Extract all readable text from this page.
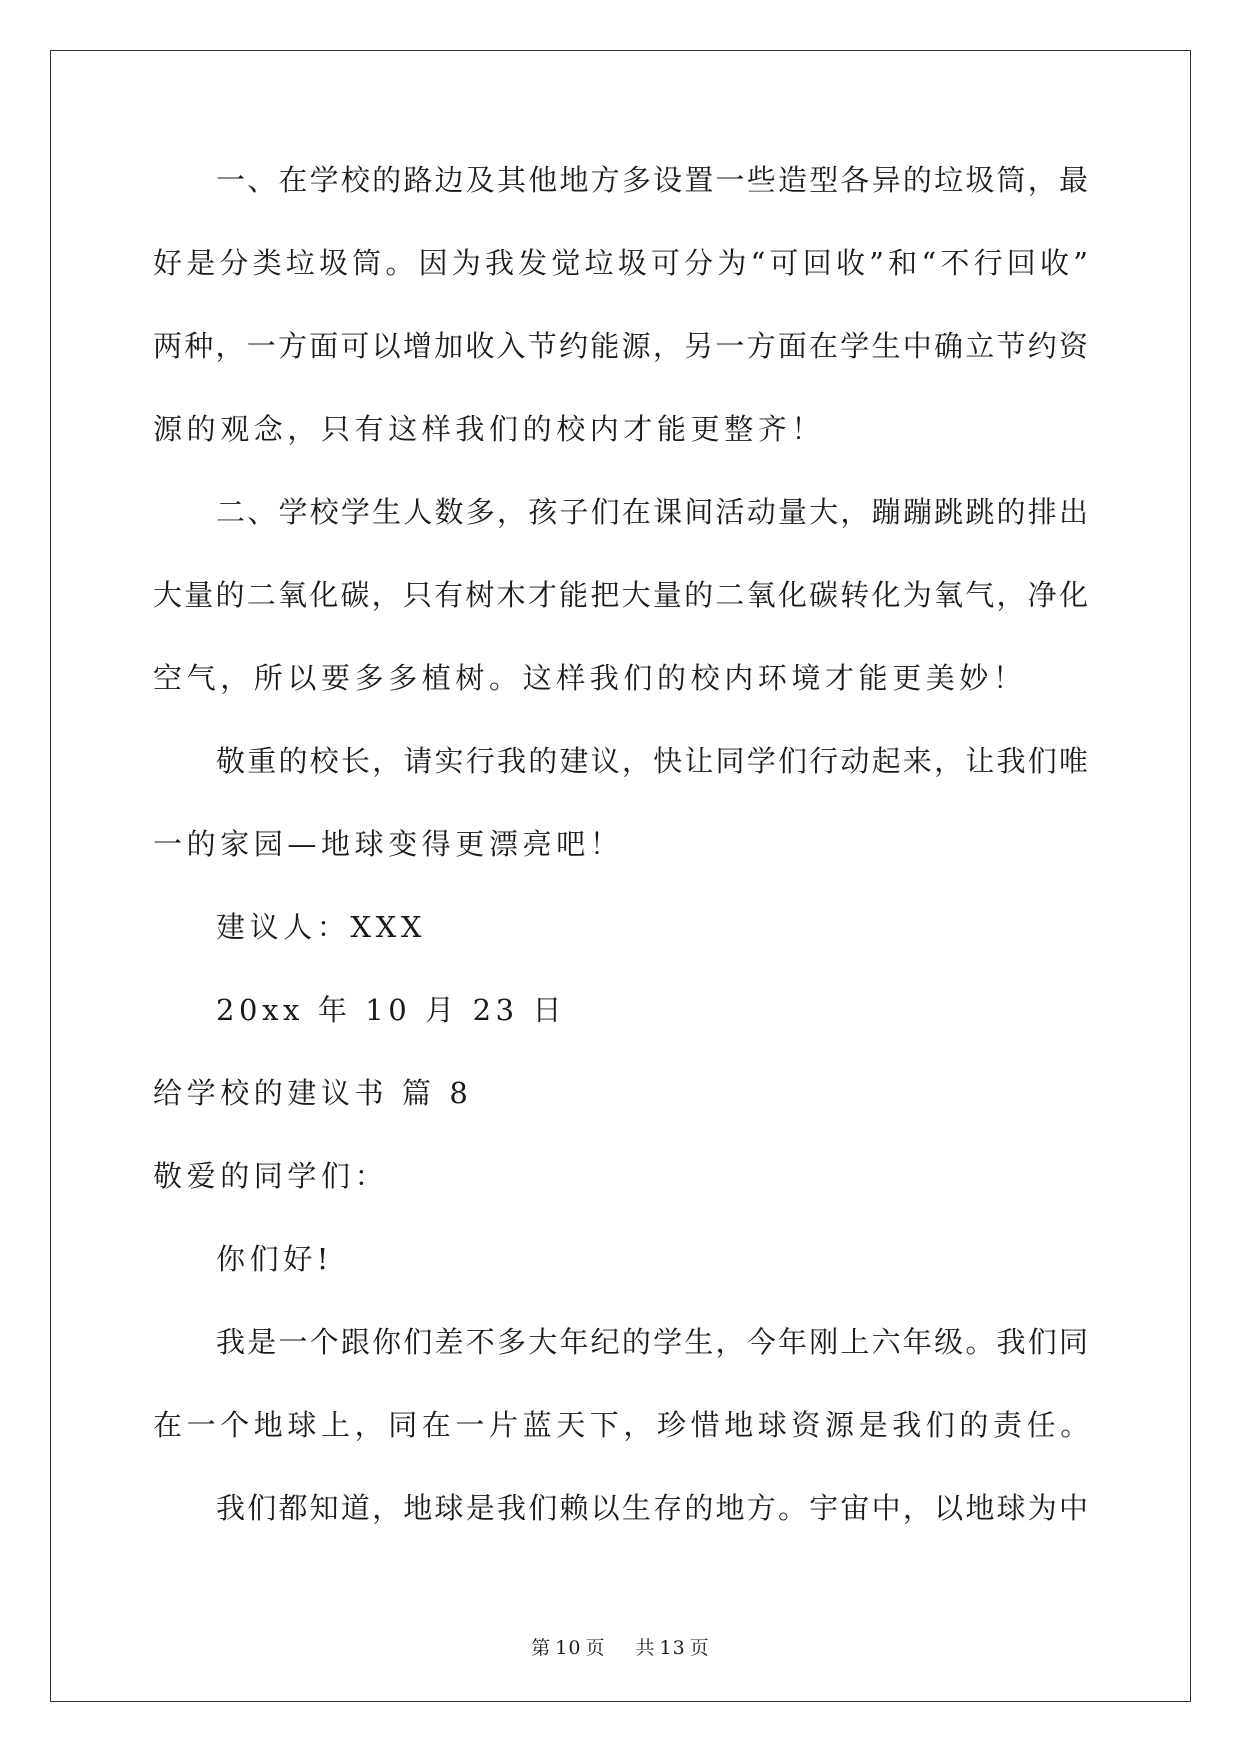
一、在学校的路边及其他地方多设置一些造型各异的垃圾筒，最
好是分类垃圾筒。因为我发觉垃圾可分为“可回收”和“不行回收”
两种，一方面可以增加收入节约能源，另一方面在学生中确立节约资
源的观念，只有这样我们的校内才能更整齐！
二、学校学生人数多，孩子们在课间活动量大，蹦蹦跳跳的排出
大量的二氧化碳，只有树木才能把大量的二氧化碳转化为氧气，净化
空气，所以要多多植树。这样我们的校内环境才能更美妙！
敬重的校长，请实行我的建议，快让同学们行动起来，让我们唯
一的家园—地球变得更漂亮吧！
建议人：XXX
20xx 年 10 月 23 日
给学校的建议书 篇 8
敬爱的同学们：
你们好!
我是一个跟你们差不多大年纪的学生，今年刚上六年级。我们同
在一个地球上，同在一片蓝天下，珍惜地球资源是我们的责任。
我们都知道，地球是我们赖以生存的地方。宇宙中，以地球为中
第 10 页 共 13 页
